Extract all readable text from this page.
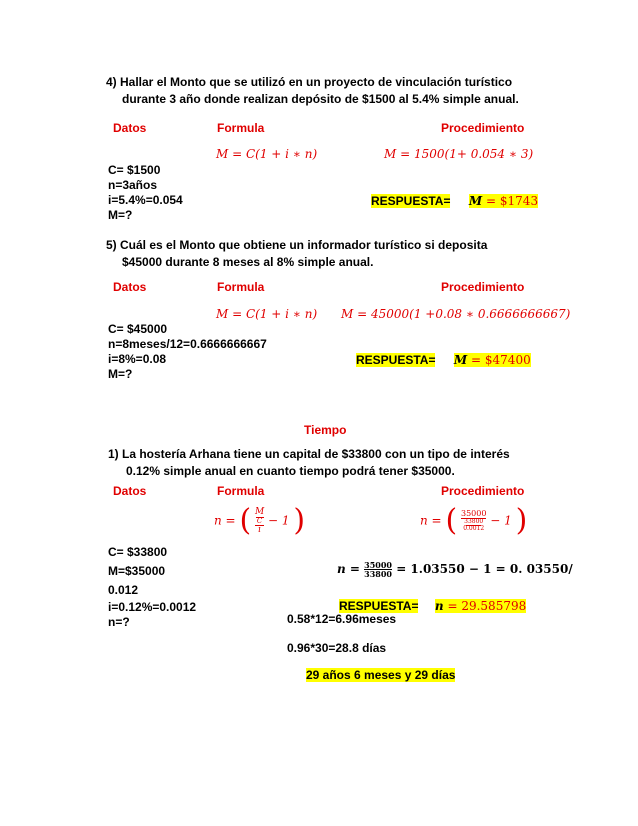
4) Hallar el Monto que se utilizó en un proyecto de vinculación turístico
durante 3 año donde realizan depósito de $1500 al 5.4% simple anual.
Datos	Formula	Procedimiento
M = C(1 + i ∗ n)	M = 1500(1+ 0.054 ∗ 3)
C= $1500
n=3años
i=5.4%=0.054
M=?
RESPUESTA= M = $1743
5) Cuál es el Monto que obtiene un informador turístico si deposita
$45000 durante 8 meses al 8% simple anual.
Datos	Formula	Procedimiento
M = C(1 + i ∗ n) M = 45000(1 +0.08 ∗ 0.6666666667)
C= $45000
n=8meses/12=0.6666666667
i=8%=0.08
M=?
RESPUESTA= M = $47400
Tiempo
1) La hostería Arhana tiene un capital de $33800 con un tipo de interés
0.12% simple anual en cuanto tiempo podrá tener $35000.
Datos	Formula	Procedimiento
n = ( M
C
i
− 1 )	n = ( 35000
33800
0.0012
− 1 )
C= $33800
M=$35000
0.012
i=0.12%=0.0012
n=?
$n = \frac{35000}{33800} = 1.03550 - 1 = 0$. 03550/
RESPUESTA= n = 29.585798
0.58*12=6.96meses
0.96*30=28.8 días
29 años 6 meses y 29 días
